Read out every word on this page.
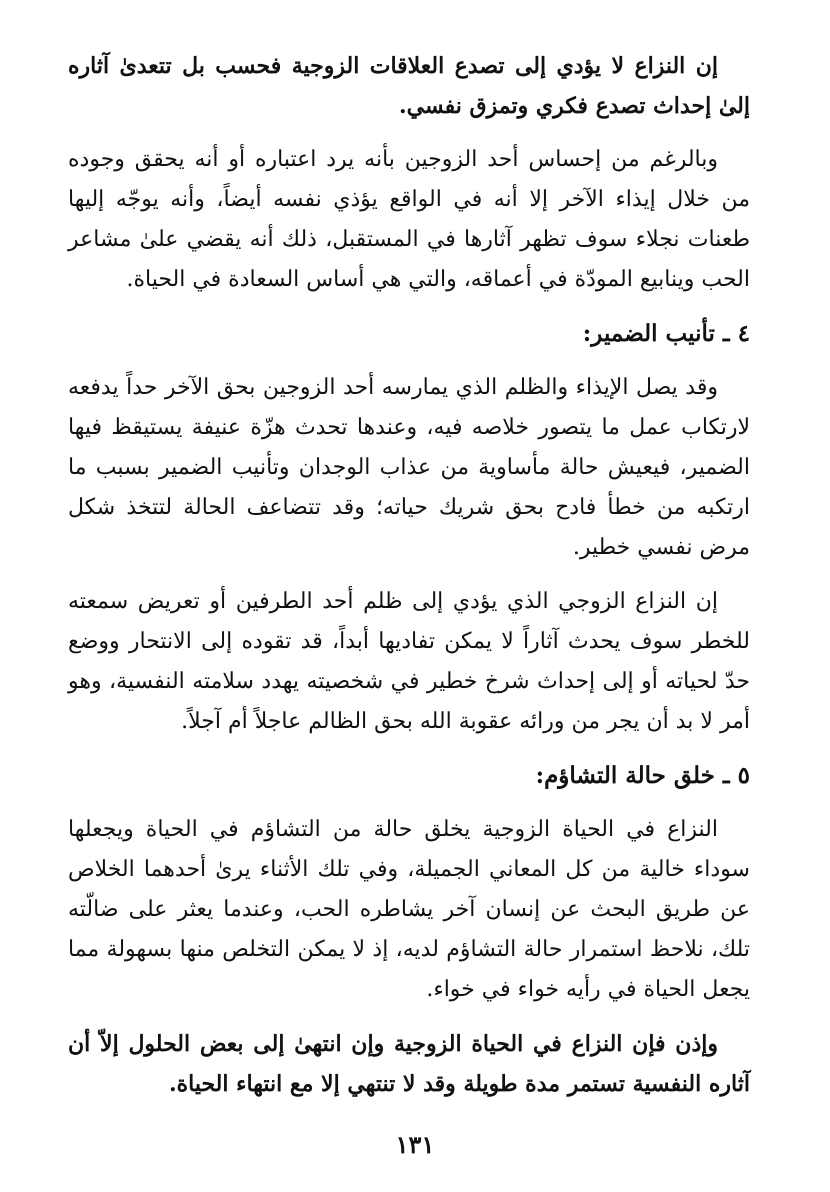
إن النزاع لا يؤدي إلى تصدع العلاقات الزوجية فحسب بل تتعدىٰ آثاره إلىٰ إحداث تصدع فكري وتمزق نفسي.

وبالرغم من إحساس أحد الزوجين بأنه يرد اعتباره أو أنه يحقق وجوده من خلال إيذاء الآخر إلا أنه في الواقع يؤذي نفسه أيضاً، وأنه يوجّه إليها طعنات نجلاء سوف تظهر آثارها في المستقبل، ذلك أنه يقضي علىٰ مشاعر الحب وينابيع المودّة في أعماقه، والتي هي أساس السعادة في الحياة.

٤ ـ تأنيب الضمير:

وقد يصل الإيذاء والظلم الذي يمارسه أحد الزوجين بحق الآخر حداً يدفعه لارتكاب عمل ما يتصور خلاصه فيه، وعندها تحدث هزّة عنيفة يستيقظ فيها الضمير، فيعيش حالة مأساوية من عذاب الوجدان وتأنيب الضمير بسبب ما ارتكبه من خطأ فادح بحق شريك حياته؛ وقد تتضاعف الحالة لتتخذ شكل مرض نفسي خطير.

إن النزاع الزوجي الذي يؤدي إلى ظلم أحد الطرفين أو تعريض سمعته للخطر سوف يحدث آثاراً لا يمكن تفاديها أبداً، قد تقوده إلى الانتحار ووضع حدّ لحياته أو إلى إحداث شرخ خطير في شخصيته يهدد سلامته النفسية، وهو أمر لا بد أن يجر من ورائه عقوبة الله بحق الظالم عاجلاً أم آجلاً.

٥ ـ خلق حالة التشاؤم:

النزاع في الحياة الزوجية يخلق حالة من التشاؤم في الحياة ويجعلها سوداء خالية من كل المعاني الجميلة، وفي تلك الأثناء يرىٰ أحدهما الخلاص عن طريق البحث عن إنسان آخر يشاطره الحب، وعندما يعثر على ضالّته تلك، نلاحظ استمرار حالة التشاؤم لديه، إذ لا يمكن التخلص منها بسهولة مما يجعل الحياة في رأيه خواء في خواء.

وإذن فإن النزاع في الحياة الزوجية وإن انتهىٰ إلى بعض الحلول إلاّ أن آثاره النفسية تستمر مدة طويلة وقد لا تنتهي إلا مع انتهاء الحياة.

١٣١
